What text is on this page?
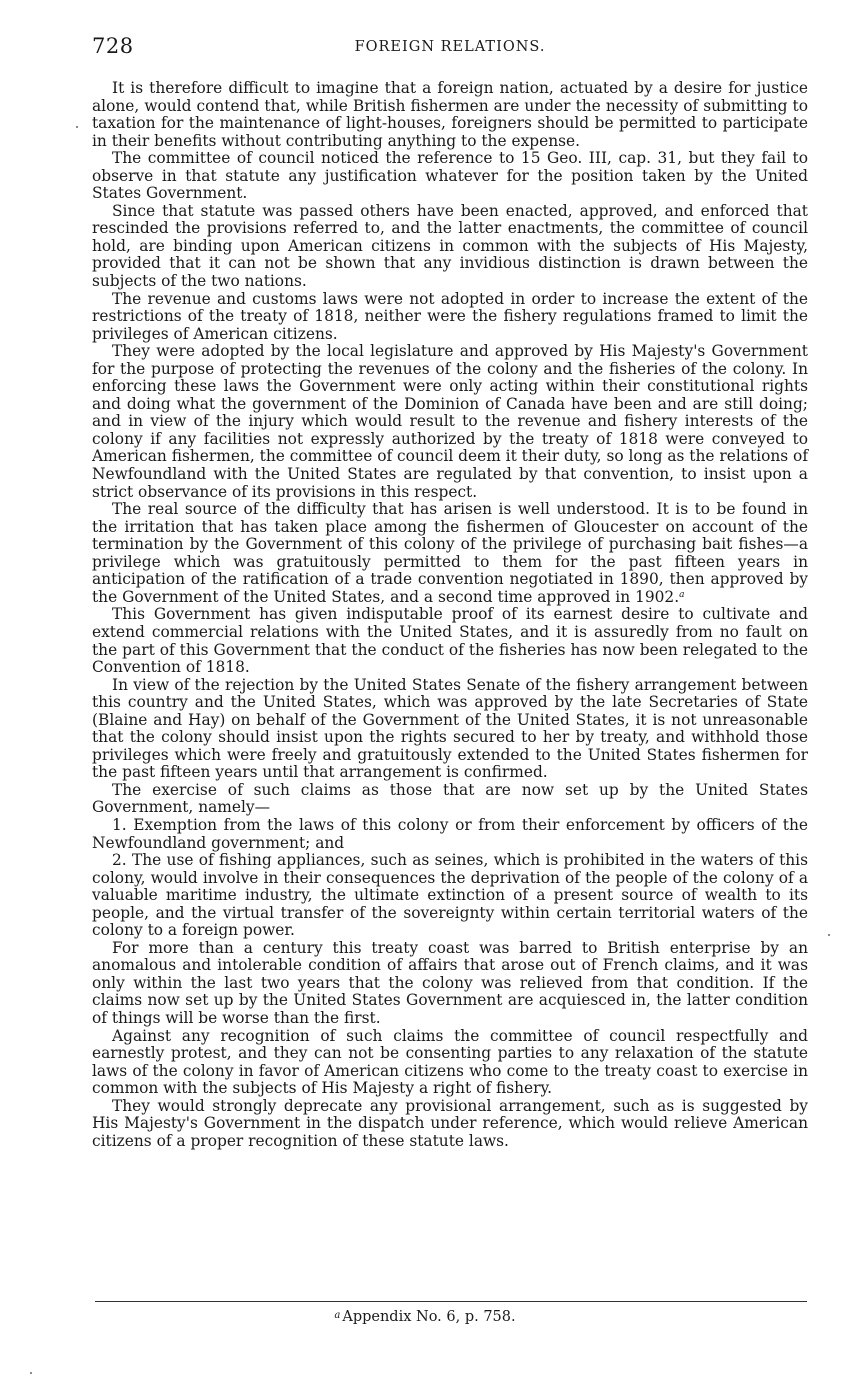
728	FOREIGN RELATIONS.

It is therefore difficult to imagine that a foreign nation, actuated by a desire for justice alone, would contend that, while British fishermen are under the necessity of submitting to taxation for the maintenance of light-houses, foreigners should be permitted to participate in their benefits without contributing anything to the expense.

The committee of council noticed the reference to 15 Geo. III, cap. 31, but they fail to observe in that statute any justification whatever for the position taken by the United States Government.

Since that statute was passed others have been enacted, approved, and enforced that rescinded the provisions referred to, and the latter enactments, the committee of council hold, are binding upon American citizens in common with the subjects of His Majesty, provided that it can not be shown that any invidious distinction is drawn between the subjects of the two nations.

The revenue and customs laws were not adopted in order to increase the extent of the restrictions of the treaty of 1818, neither were the fishery regulations framed to limit the privileges of American citizens.

They were adopted by the local legislature and approved by His Majesty's Government for the purpose of protecting the revenues of the colony and the fisheries of the colony. In enforcing these laws the Government were only acting within their constitutional rights and doing what the government of the Dominion of Canada have been and are still doing; and in view of the injury which would result to the revenue and fishery interests of the colony if any facilities not expressly authorized by the treaty of 1818 were conveyed to American fishermen, the committee of council deem it their duty, so long as the relations of Newfoundland with the United States are regulated by that convention, to insist upon a strict observance of its provisions in this respect.

The real source of the difficulty that has arisen is well understood. It is to be found in the irritation that has taken place among the fishermen of Gloucester on account of the termination by the Government of this colony of the privilege of purchasing bait fishes—a privilege which was gratuitously permitted to them for the past fifteen years in anticipation of the ratification of a trade convention negotiated in 1890, then approved by the Government of the United States, and a second time approved in 1902.$^a$

This Government has given indisputable proof of its earnest desire to cultivate and extend commercial relations with the United States, and it is assuredly from no fault on the part of this Government that the conduct of the fisheries has now been relegated to the Convention of 1818.

In view of the rejection by the United States Senate of the fishery arrangement between this country and the United States, which was approved by the late Secretaries of State (Blaine and Hay) on behalf of the Government of the United States, it is not unreasonable that the colony should insist upon the rights secured to her by treaty, and withhold those privileges which were freely and gratuitously extended to the United States fishermen for the past fifteen years until that arrangement is confirmed.

The exercise of such claims as those that are now set up by the United States Government, namely—

1. Exemption from the laws of this colony or from their enforcement by officers of the Newfoundland government; and

2. The use of fishing appliances, such as seines, which is prohibited in the waters of this colony, would involve in their consequences the deprivation of the people of the colony of a valuable maritime industry, the ultimate extinction of a present source of wealth to its people, and the virtual transfer of the sovereignty within certain territorial waters of the colony to a foreign power.

For more than a century this treaty coast was barred to British enterprise by an anomalous and intolerable condition of affairs that arose out of French claims, and it was only within the last two years that the colony was relieved from that condition. If the claims now set up by the United States Government are acquiesced in, the latter condition of things will be worse than the first.

Against any recognition of such claims the committee of council respectfully and earnestly protest, and they can not be consenting parties to any relaxation of the statute laws of the colony in favor of American citizens who come to the treaty coast to exercise in common with the subjects of His Majesty a right of fishery.

They would strongly deprecate any provisional arrangement, such as is suggested by His Majesty's Government in the dispatch under reference, which would relieve American citizens of a proper recognition of these statute laws.

$^a$ Appendix No. 6, p. 758.
